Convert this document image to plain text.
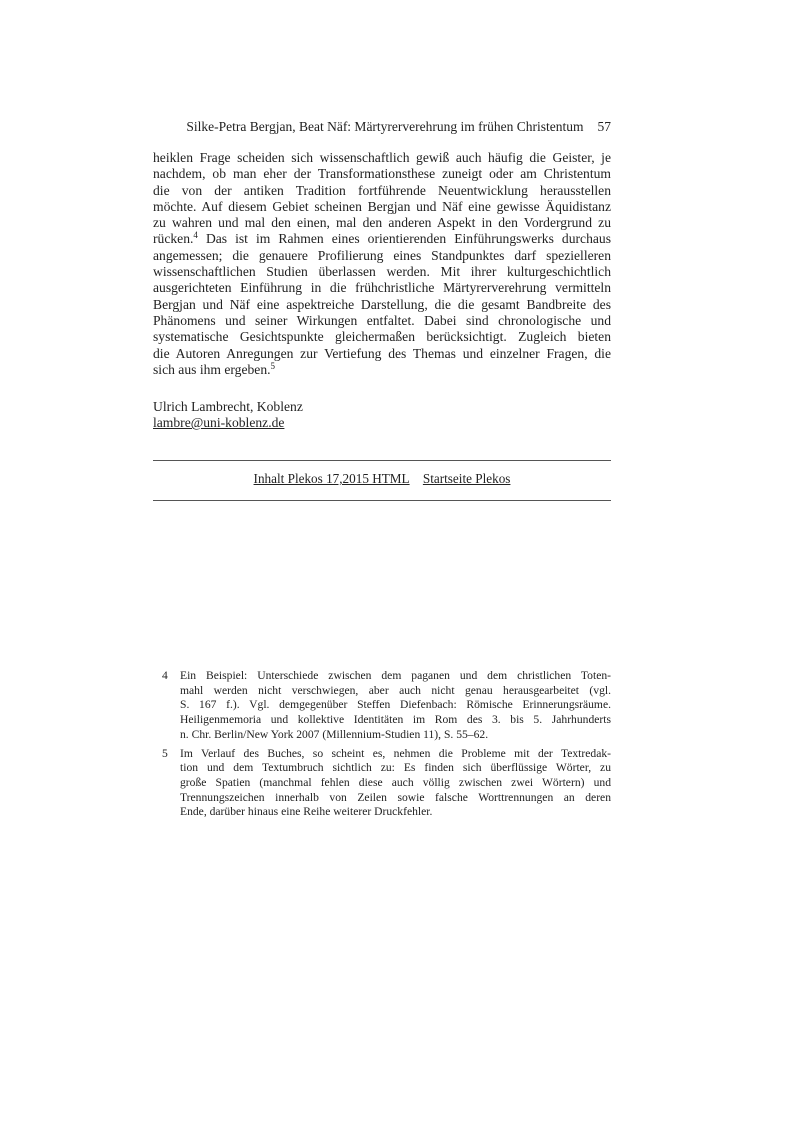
Silke-Petra Bergjan, Beat Näf: Märtyrerverehrung im frühen Christentum 57
heiklen Frage scheiden sich wissenschaftlich gewiß auch häufig die Geister, je
nachdem, ob man eher der Transformationsthese zuneigt oder am Christentum
die von der antiken Tradition fortführende Neuentwicklung herausstellen
möchte. Auf diesem Gebiet scheinen Bergjan und Näf eine gewisse Äquidistanz
zu wahren und mal den einen, mal den anderen Aspekt in den Vordergrund zu
rücken.$^4$ Das ist im Rahmen eines orientierenden Einführungswerks durchaus
angemessen; die genauere Profilierung eines Standpunktes darf spezielleren
wissenschaftlichen Studien überlassen werden. Mit ihrer kulturgeschichtlich
ausgerichteten Einführung in die frühchristliche Märtyrerverehrung vermitteln
Bergjan und Näf eine aspektreiche Darstellung, die die gesamt Bandbreite des
Phänomens und seiner Wirkungen entfaltet. Dabei sind chronologische und
systematische Gesichtspunkte gleichermaßen berücksichtigt. Zugleich bieten
die Autoren Anregungen zur Vertiefung des Themas und einzelner Fragen, die
sich aus ihm ergeben.$^5$
Ulrich Lambrecht, Koblenz
lambre@uni-koblenz.de
Inhalt Plekos 17,2015 HTML Startseite Plekos
4 Ein Beispiel: Unterschiede zwischen dem paganen und dem christlichen Toten-
mahl werden nicht verschwiegen, aber auch nicht genau herausgearbeitet (vgl.
S. 167 f.). Vgl. demgegenüber Steffen Diefenbach: Römische Erinnerungsräume.
Heiligenmemoria und kollektive Identitäten im Rom des 3. bis 5. Jahrhunderts
n. Chr. Berlin/New York 2007 (Millennium-Studien 11), S. 55–62.
5 Im Verlauf des Buches, so scheint es, nehmen die Probleme mit der Textredak-
tion und dem Textumbruch sichtlich zu: Es finden sich überflüssige Wörter, zu
große Spatien (manchmal fehlen diese auch völlig zwischen zwei Wörtern) und
Trennungszeichen innerhalb von Zeilen sowie falsche Worttrennungen an deren
Ende, darüber hinaus eine Reihe weiterer Druckfehler.
